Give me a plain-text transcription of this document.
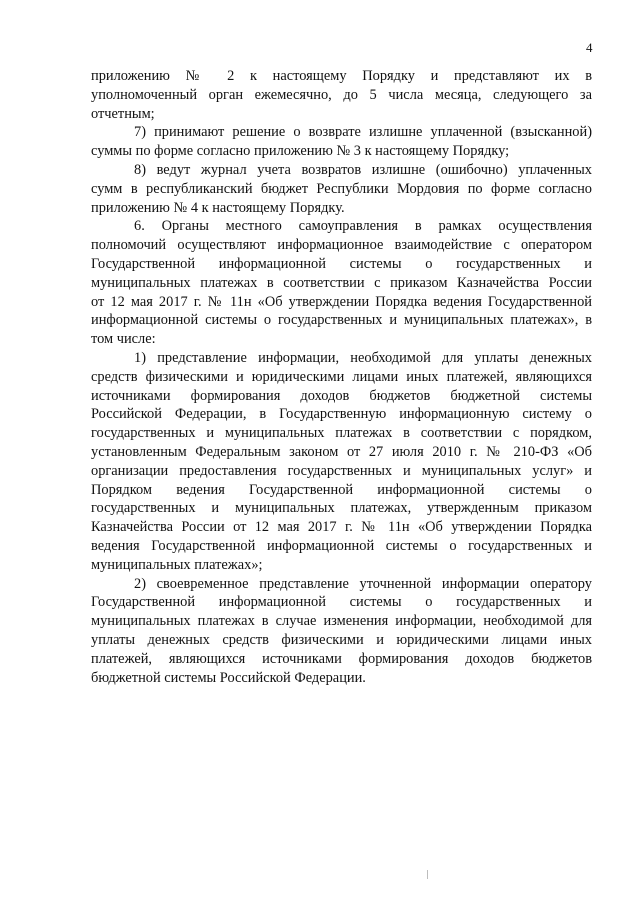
4
приложению № 2 к настоящему Порядку и представляют их в
уполномоченный орган ежемесячно, до 5 числа месяца, следующего за
отчетным;
7) принимают решение о возврате излишне уплаченной (взысканной)
суммы по форме согласно приложению № 3 к настоящему Порядку;
8) ведут журнал учета возвратов излишне (ошибочно) уплаченных
сумм в республиканский бюджет Республики Мордовия по форме согласно
приложению № 4 к настоящему Порядку.
6. Органы местного самоуправления в рамках осуществления
полномочий осуществляют информационное взаимодействие с оператором
Государственной информационной системы о государственных и
муниципальных платежах в соответствии с приказом Казначейства России
от 12 мая 2017 г. № 11н «Об утверждении Порядка ведения Государственной
информационной системы о государственных и муниципальных платежах», в
том числе:
1) представление информации, необходимой для уплаты денежных
средств физическими и юридическими лицами иных платежей, являющихся
источниками формирования доходов бюджетов бюджетной системы
Российской Федерации, в Государственную информационную систему о
государственных и муниципальных платежах в соответствии с порядком,
установленным Федеральным законом от 27 июля 2010 г. № 210-ФЗ «Об
организации предоставления государственных и муниципальных услуг» и
Порядком ведения Государственной информационной системы о
государственных и муниципальных платежах, утвержденным приказом
Казначейства России от 12 мая 2017 г. № 11н «Об утверждении Порядка
ведения Государственной информационной системы о государственных и
муниципальных платежах»;
2) своевременное представление уточненной информации оператору
Государственной информационной системы о государственных и
муниципальных платежах в случае изменения информации, необходимой для
уплаты денежных средств физическими и юридическими лицами иных
платежей, являющихся источниками формирования доходов бюджетов
бюджетной системы Российской Федерации.
